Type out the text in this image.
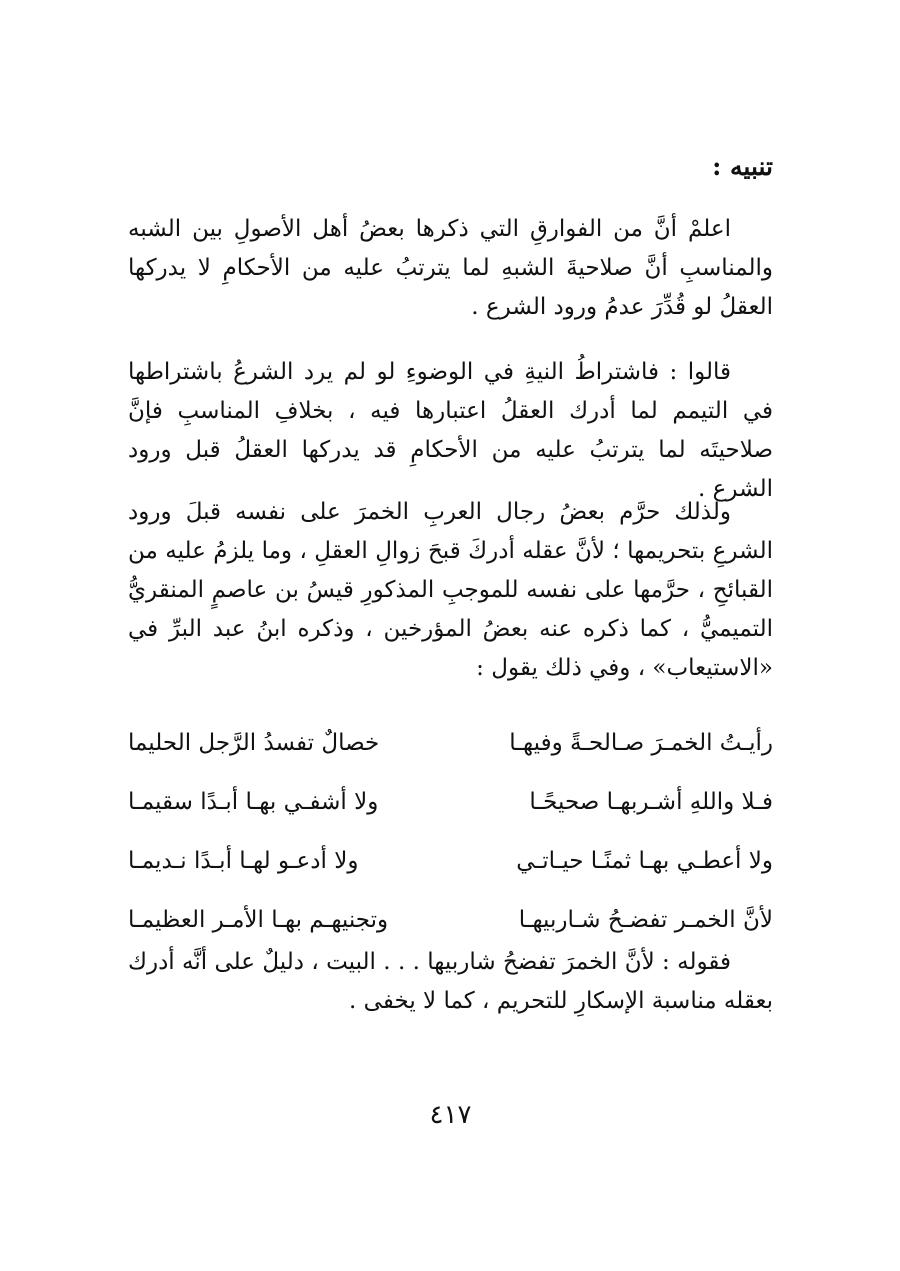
تنبيه :

اعلمْ أنَّ من الفوارقِ التي ذكرها بعضُ أهل الأصولِ بين الشبه والمناسبِ أنَّ صلاحيةَ الشبهِ لما يترتبُ عليه من الأحكامِ لا يدركها العقلُ لو قُدِّرَ عدمُ ورود الشرع .

قالوا : فاشتراطُ النيةِ في الوضوءِ لو لم يرد الشرعُ باشتراطها في التيمم لما أدرك العقلُ اعتبارها فيه ، بخلافِ المناسبِ فإنَّ صلاحيتَه لما يترتبُ عليه من الأحكامِ قد يدركها العقلُ قبل ورود الشرع .

ولذلك حرَّم بعضُ رجال العربِ الخمرَ على نفسه قبلَ ورود الشرعِ بتحريمها ؛ لأنَّ عقله أدركَ قبحَ زوالِ العقلِ ، وما يلزمُ عليه من القبائحِ ، حرَّمها على نفسه للموجبِ المذكورِ قيسُ بن عاصمٍ المنقريُّ التميميُّ ، كما ذكره عنه بعضُ المؤرخين ، وذكره ابنُ عبد البرِّ في «الاستيعاب» ، وفي ذلك يقول :

رأيـتُ الخمـرَ صـالحـةً وفيهـا
خصالٌ تفسدُ الرَّجل الحليما
فـلا واللهِ أشـربهـا صحيحًـا
ولا أشفـي بهـا أبـدًا سقيمـا
ولا أعطـي بهـا ثمنًـا حيـاتـي
ولا أدعـو لهـا أبـدًا نـديمـا
لأنَّ الخمـر تفضـحُ شـاربيهـا
وتجنيهـم بهـا الأمـر العظيمـا

فقوله : لأنَّ الخمرَ تفضحُ شاربيها . . . البيت ، دليلٌ على أنَّه أدرك بعقله مناسبة الإسكارِ للتحريم ، كما لا يخفى .

٤١٧
